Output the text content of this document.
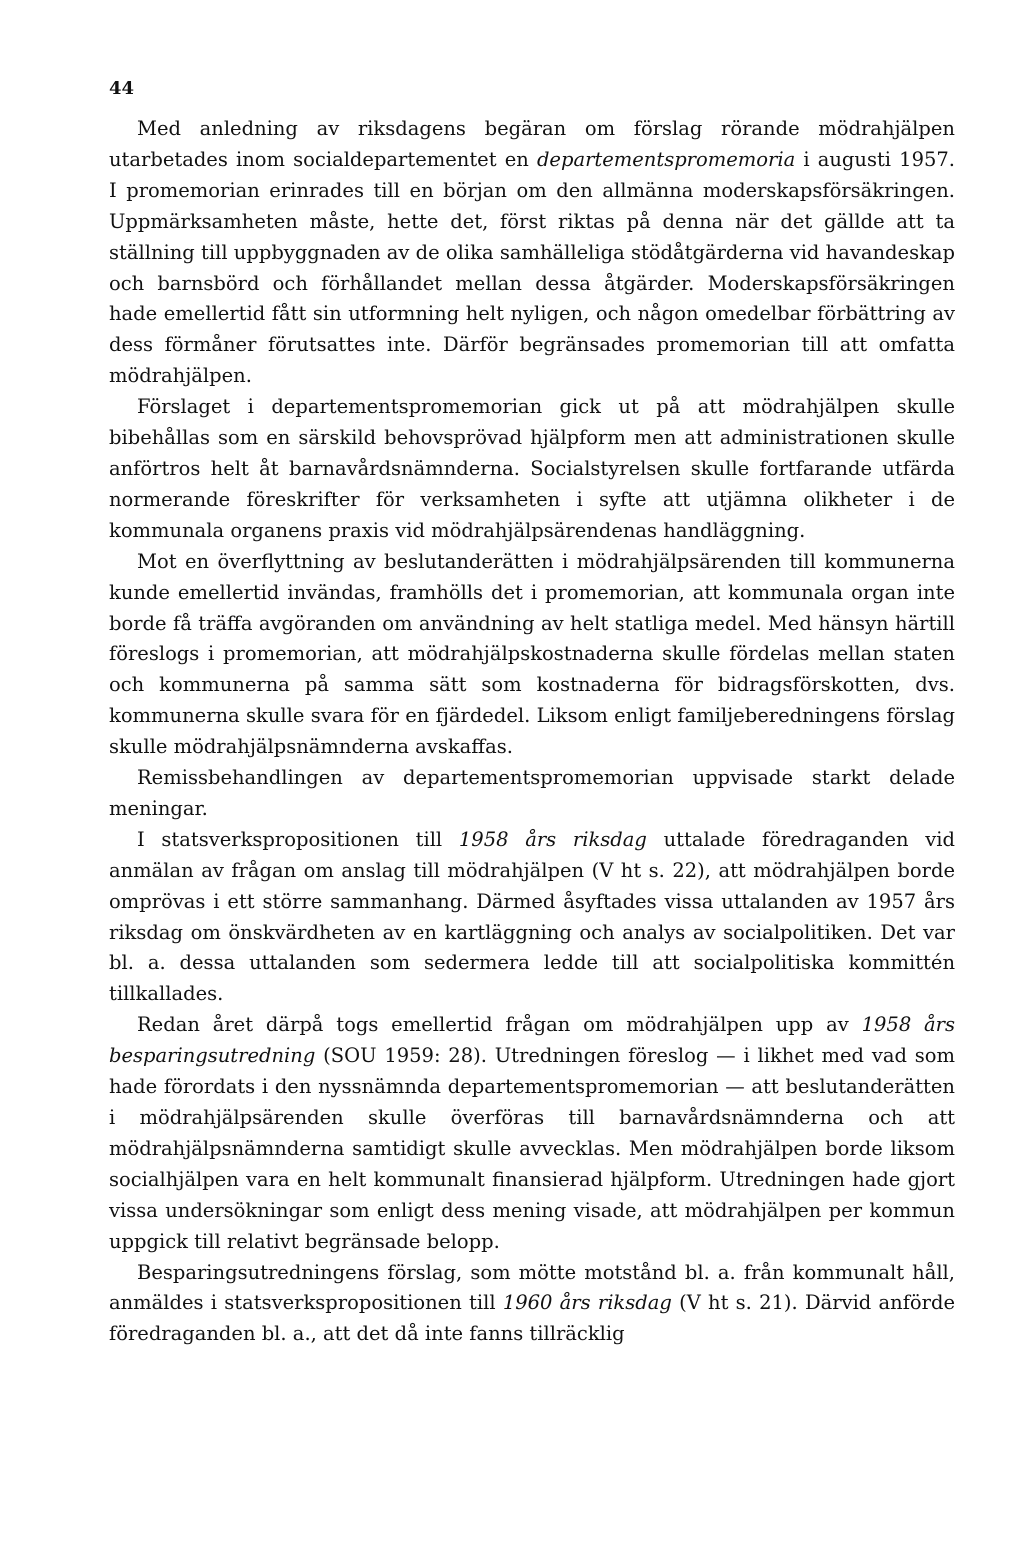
44

Med anledning av riksdagens begäran om förslag rörande mödrahjälpen utarbetades inom socialdepartementet en departementspromemoria i augusti 1957. I promemorian erinrades till en början om den allmänna moderskapsförsäkringen. Uppmärksamheten måste, hette det, först riktas på denna när det gällde att ta ställning till uppbyggnaden av de olika samhälleliga stödåtgärderna vid havandeskap och barnsbörd och förhållandet mellan dessa åtgärder. Moderskapsförsäkringen hade emellertid fått sin utformning helt nyligen, och någon omedelbar förbättring av dess förmåner förutsattes inte. Därför begränsades promemorian till att omfatta mödrahjälpen.

Förslaget i departementspromemorian gick ut på att mödrahjälpen skulle bibehållas som en särskild behovsprövad hjälpform men att administrationen skulle anförtros helt åt barnavårdsnämnderna. Socialstyrelsen skulle fortfarande utfärda normerande föreskrifter för verksamheten i syfte att utjämna olikheter i de kommunala organens praxis vid mödrahjälpsärendenas handläggning.

Mot en överflyttning av beslutanderätten i mödrahjälpsärenden till kommunerna kunde emellertid invändas, framhölls det i promemorian, att kommunala organ inte borde få träffa avgöranden om användning av helt statliga medel. Med hänsyn härtill föreslogs i promemorian, att mödrahjälpskostnaderna skulle fördelas mellan staten och kommunerna på samma sätt som kostnaderna för bidragsförskotten, dvs. kommunerna skulle svara för en fjärdedel. Liksom enligt familjeberedningens förslag skulle mödrahjälpsnämnderna avskaffas.

Remissbehandlingen av departementspromemorian uppvisade starkt delade meningar.

I statsverkspropositionen till 1958 års riksdag uttalade föredraganden vid anmälan av frågan om anslag till mödrahjälpen (V ht s. 22), att mödrahjälpen borde omprövas i ett större sammanhang. Därmed åsyftades vissa uttalanden av 1957 års riksdag om önskvärdheten av en kartläggning och analys av socialpolitiken. Det var bl. a. dessa uttalanden som sedermera ledde till att socialpolitiska kommittén tillkallades.

Redan året därpå togs emellertid frågan om mödrahjälpen upp av 1958 års besparingsutredning (SOU 1959: 28). Utredningen föreslog — i likhet med vad som hade förordats i den nyssnämnda departementspromemorian — att beslutanderätten i mödrahjälpsärenden skulle överföras till barnavårdsnämnderna och att mödrahjälpsnämnderna samtidigt skulle avvecklas. Men mödrahjälpen borde liksom socialhjälpen vara en helt kommunalt finansierad hjälpform. Utredningen hade gjort vissa undersökningar som enligt dess mening visade, att mödrahjälpen per kommun uppgick till relativt begränsade belopp.

Besparingsutredningens förslag, som mötte motstånd bl. a. från kommunalt håll, anmäldes i statsverkspropositionen till 1960 års riksdag (V ht s. 21). Därvid anförde föredraganden bl. a., att det då inte fanns tillräcklig
